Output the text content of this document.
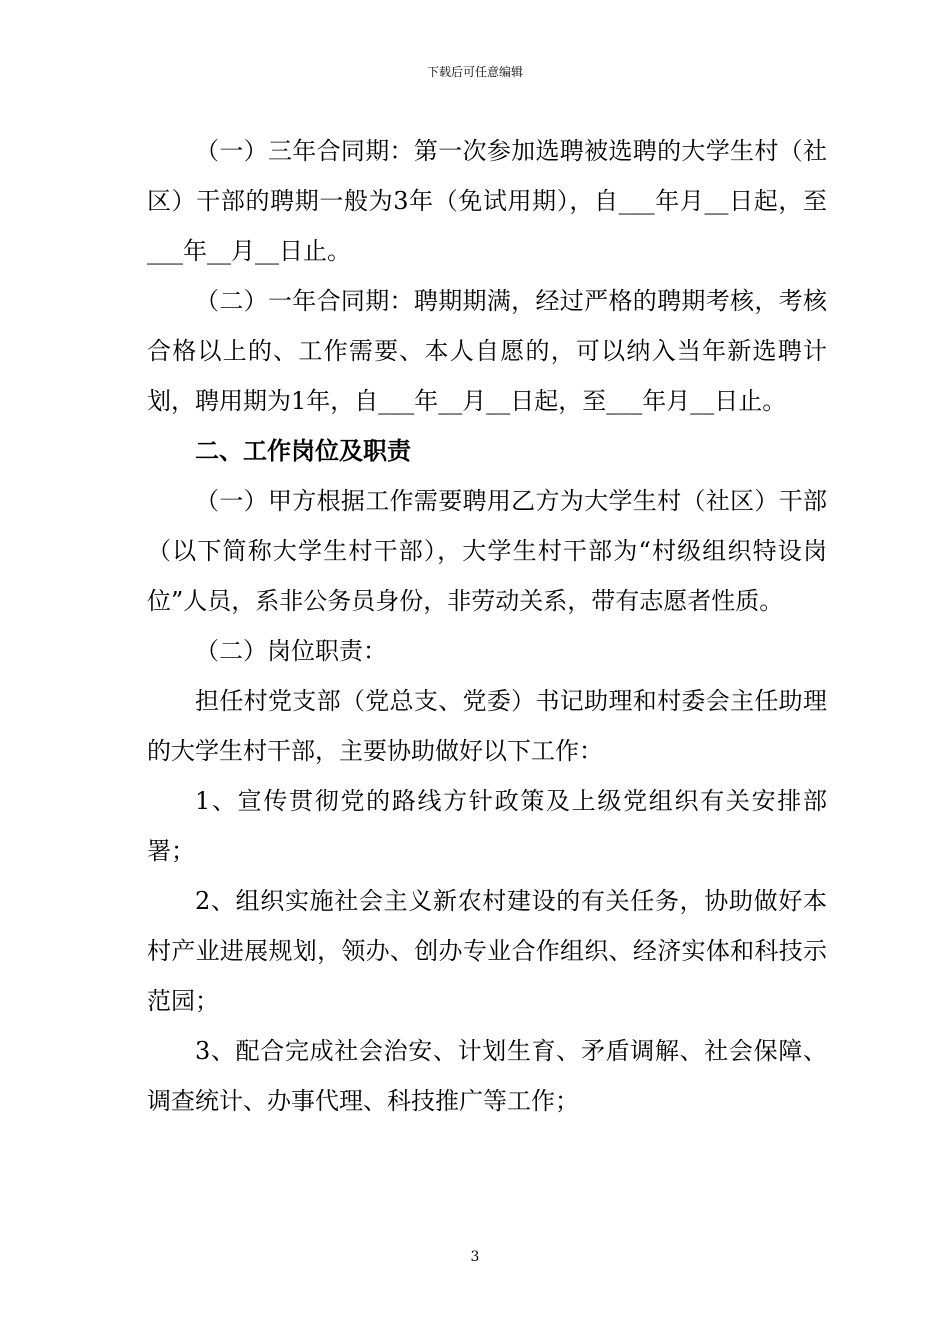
下载后可任意编辑

（一）三年合同期：第一次参加选聘被选聘的大学生村（社区）干部的聘期一般为3年（免试用期），自___年月__日起，至___年__月__日止。

（二）一年合同期：聘期期满，经过严格的聘期考核，考核合格以上的、工作需要、本人自愿的，可以纳入当年新选聘计划，聘用期为1年，自___年__月__日起，至___年月__日止。

二、工作岗位及职责

（一）甲方根据工作需要聘用乙方为大学生村（社区）干部（以下简称大学生村干部），大学生村干部为“村级组织特设岗位”人员，系非公务员身份，非劳动关系，带有志愿者性质。

（二）岗位职责：

担任村党支部（党总支、党委）书记助理和村委会主任助理的大学生村干部，主要协助做好以下工作：

1、宣传贯彻党的路线方针政策及上级党组织有关安排部署；

2、组织实施社会主义新农村建设的有关任务，协助做好本村产业进展规划，领办、创办专业合作组织、经济实体和科技示范园；

3、配合完成社会治安、计划生育、矛盾调解、社会保障、调查统计、办事代理、科技推广等工作；

3
